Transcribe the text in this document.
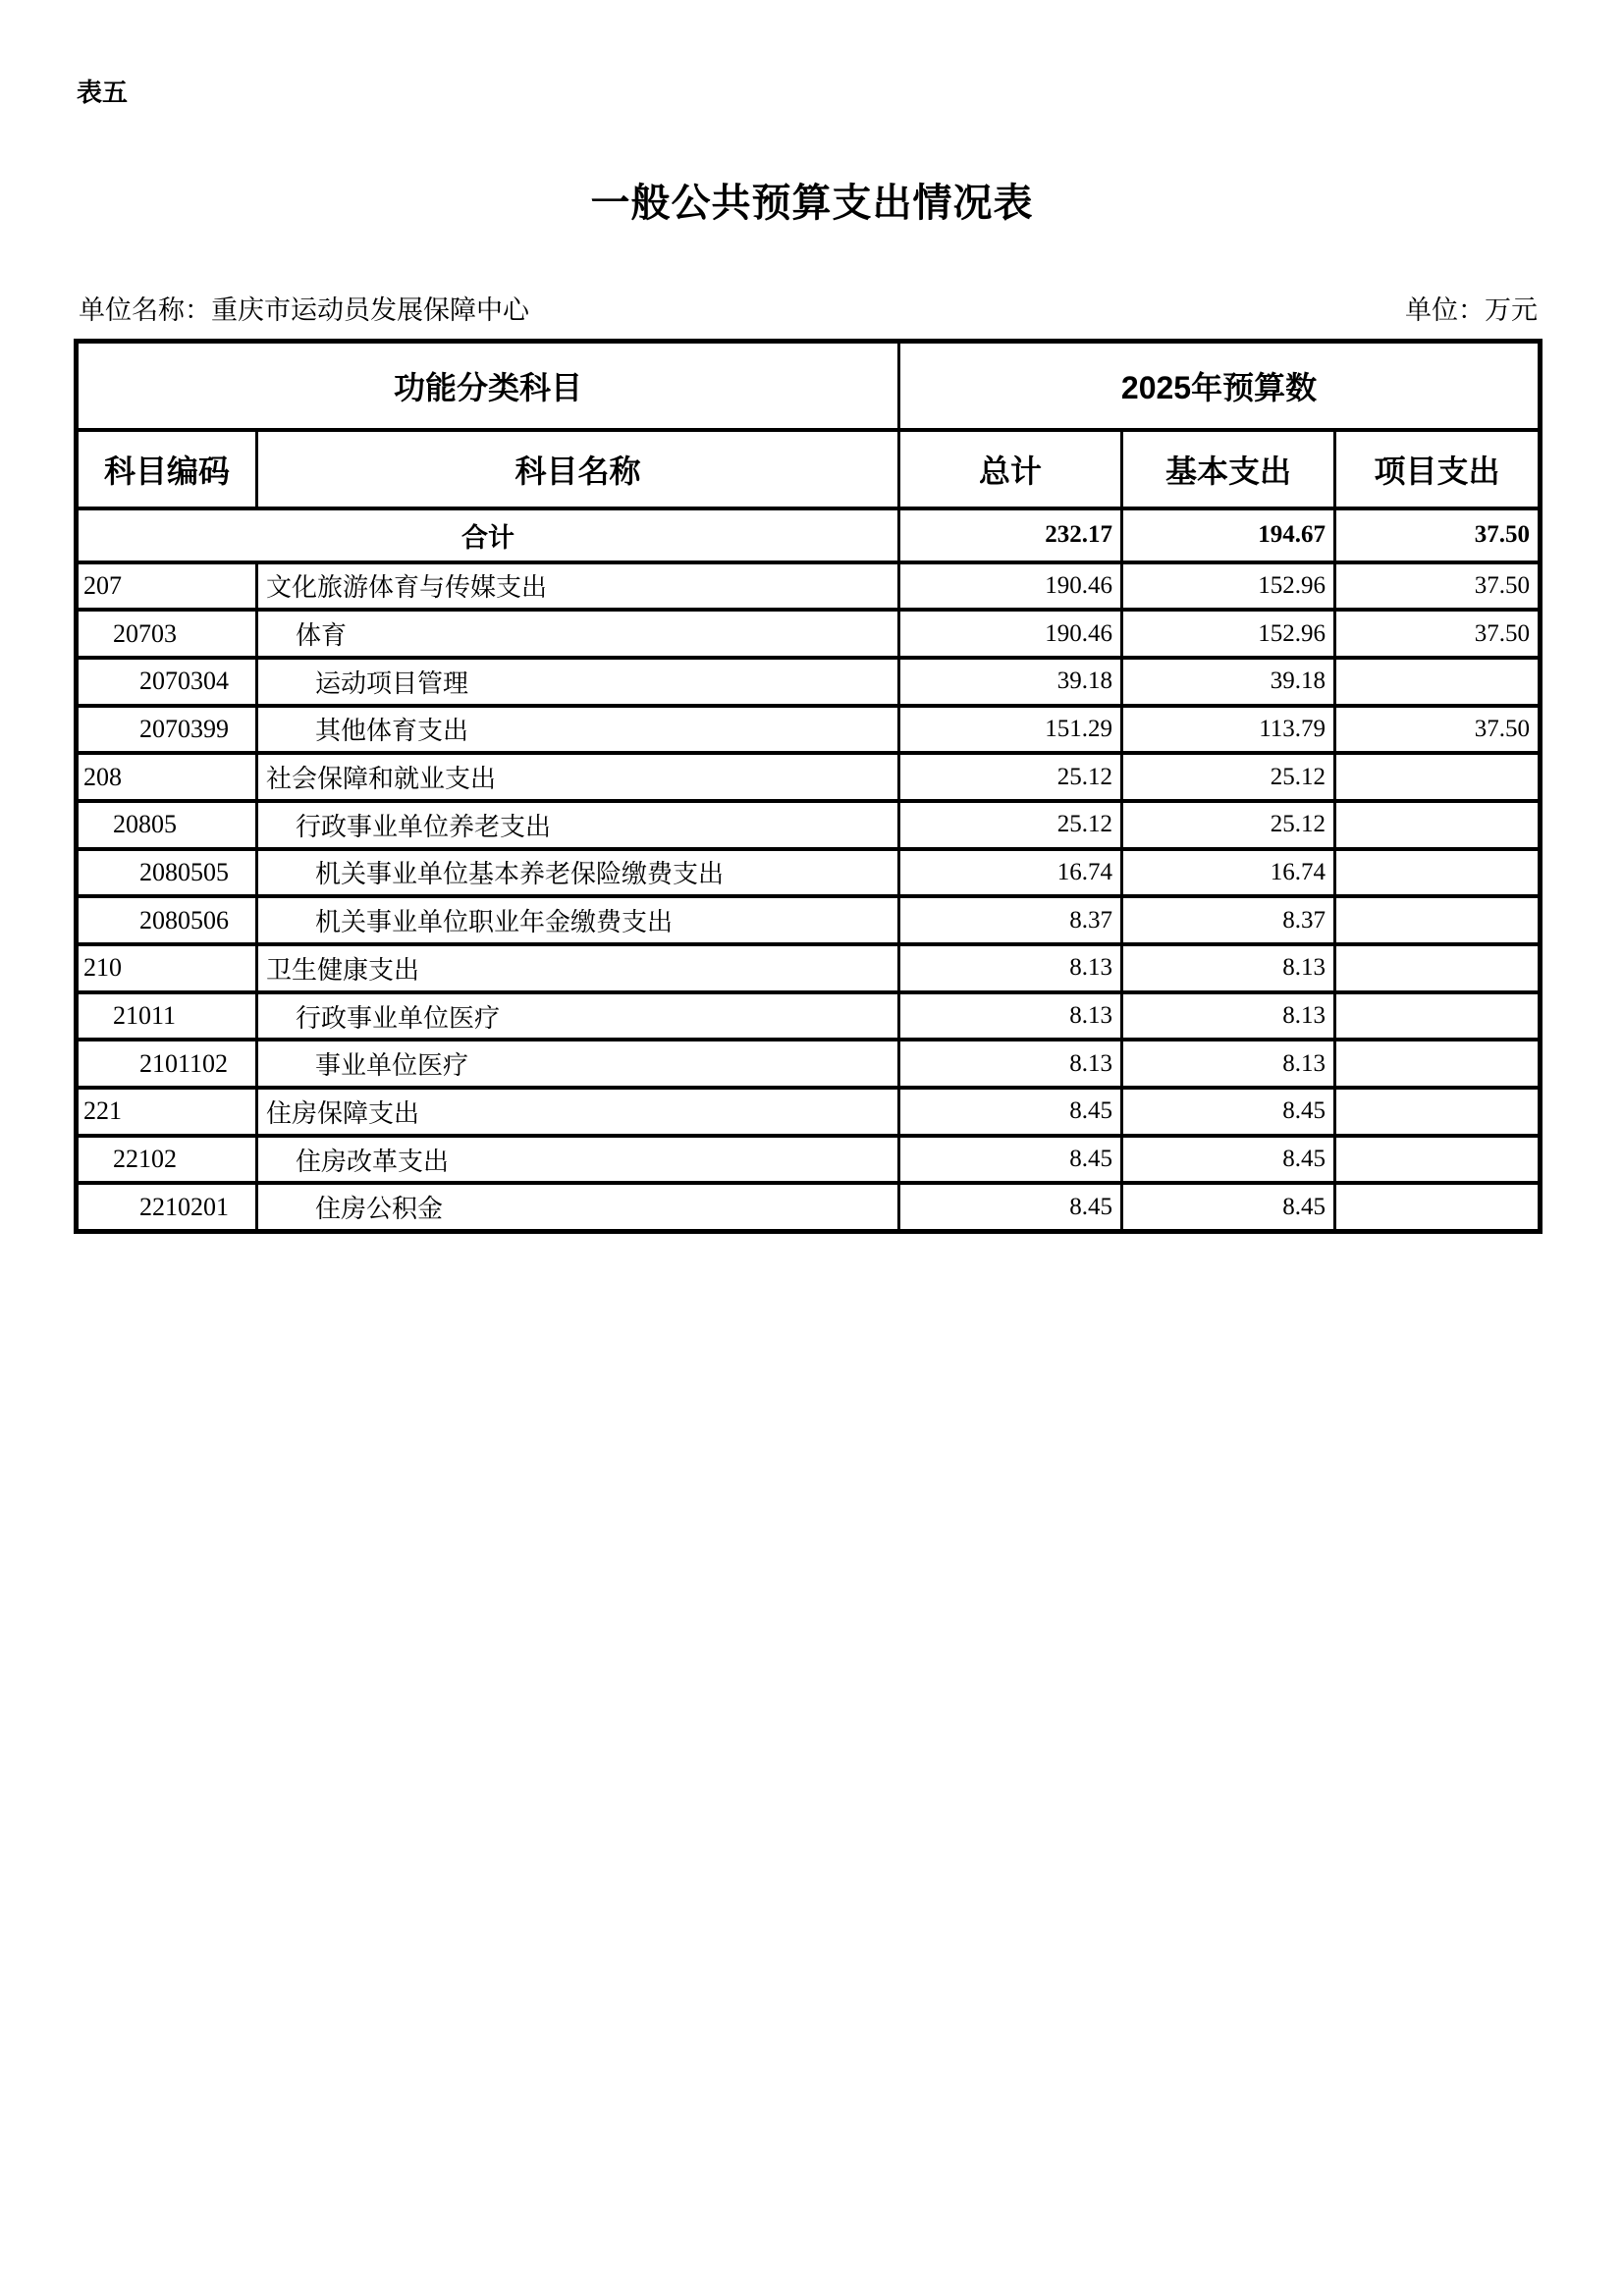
表五
一般公共预算支出情况表
单位名称：重庆市运动员发展保障中心	单位：万元
功能分类科目		2025年预算数		
科目编码	科目名称	总计	基本支出	项目支出
合计		232.17	194.67	37.50
207	文化旅游体育与传媒支出	190.46	152.96	37.50
20703	体育	190.46	152.96	37.50
2070304	运动项目管理	39.18	39.18	
2070399	其他体育支出	151.29	113.79	37.50
208	社会保障和就业支出	25.12	25.12	
20805	行政事业单位养老支出	25.12	25.12	
2080505	机关事业单位基本养老保险缴费支出	16.74	16.74	
2080506	机关事业单位职业年金缴费支出	8.37	8.37	
210	卫生健康支出	8.13	8.13	
21011	行政事业单位医疗	8.13	8.13	
2101102	事业单位医疗	8.13	8.13	
221	住房保障支出	8.45	8.45	
22102	住房改革支出	8.45	8.45	
2210201	住房公积金	8.45	8.45	
